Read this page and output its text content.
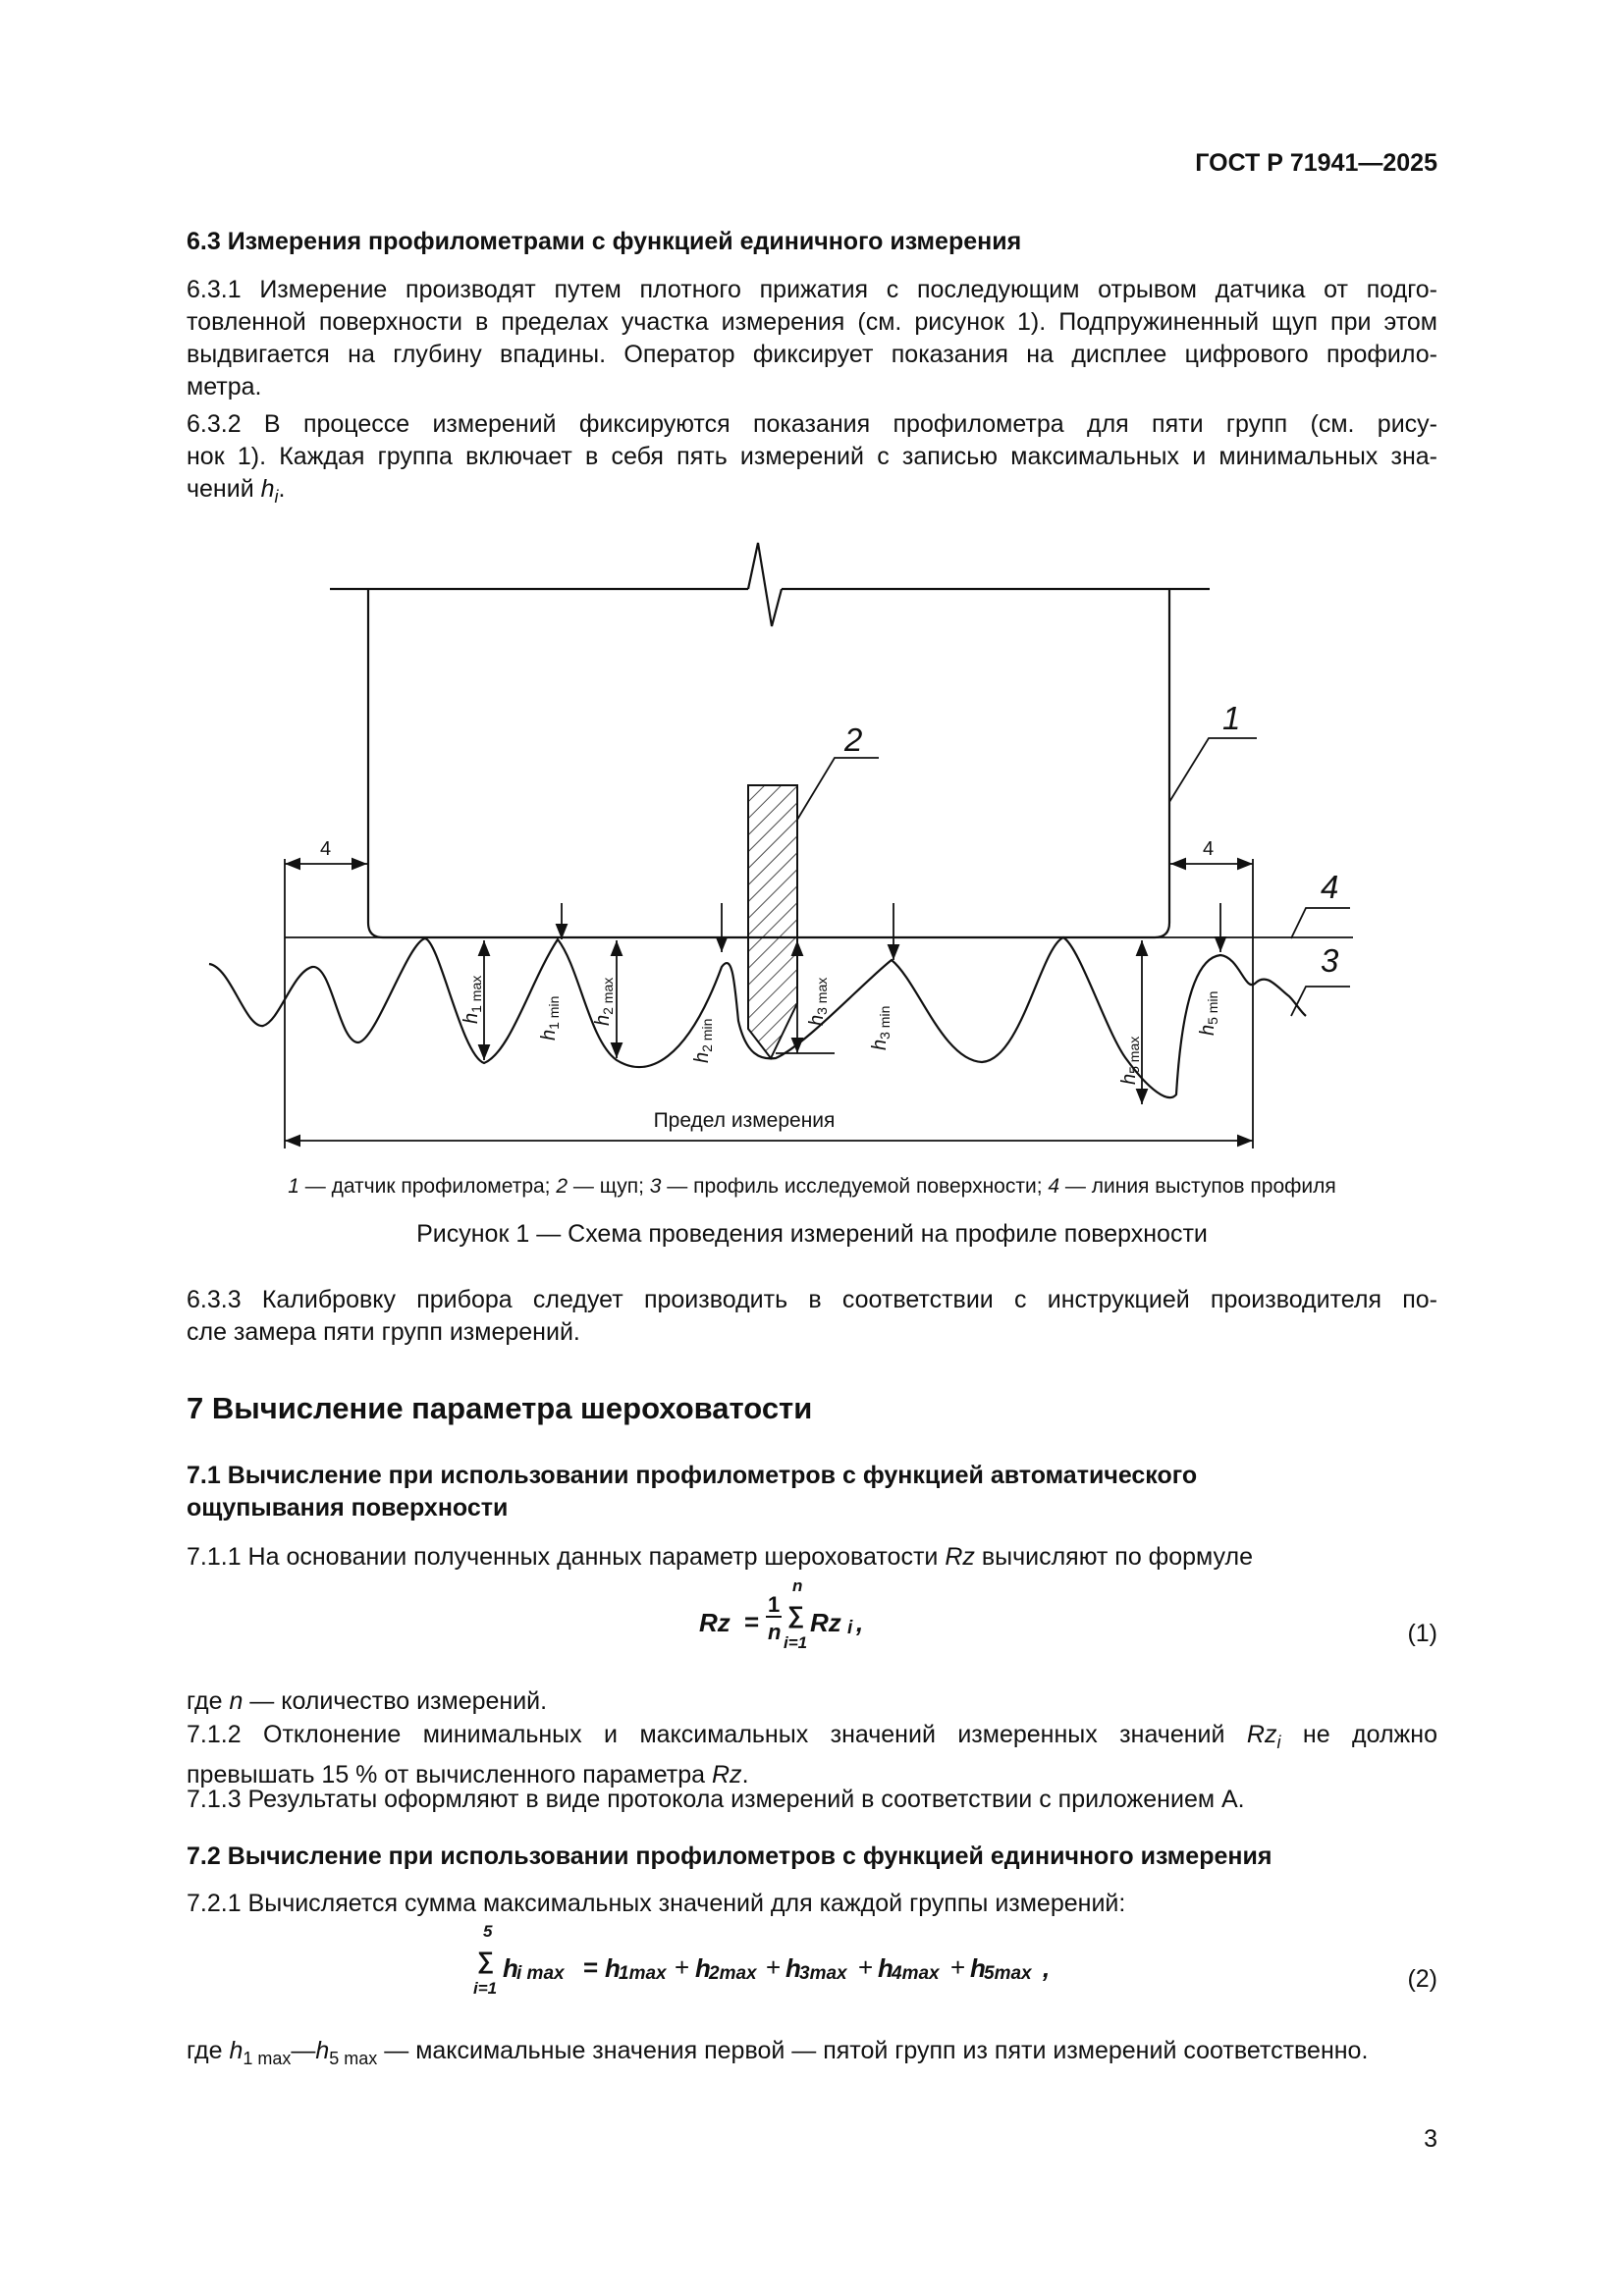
ГОСТ Р 71941—2025
6.3 Измерения профилометрами с функцией единичного измерения
6.3.1 Измерение производят путем плотного прижатия с последующим отрывом датчика от подго-
товленной поверхности в пределах участка измерения (см. рисунок 1). Подпружиненный щуп при этом
выдвигается на глубину впадины. Оператор фиксирует показания на дисплее цифрового профило-
метра.
6.3.2 В процессе измерений фиксируются показания профилометра для пяти групп (см. рису-
нок 1). Каждая группа включает в себя пять измерений с записью максимальных и минимальных зна-
чений $h_i$.
1
2
3
4
4	4
Предел измерения
$h_{1 max}$
$h_{1 min}$ $h_{2 max}$
$h_{2 min}$	$h_{3 max}$
$h_{3 min}$
$h_{5 max}$
$h_{5 min}$
1 — датчик профилометра; 2 — щуп; 3 — профиль исследуемой поверхности; 4 — линия выступов профиля
Рисунок 1 — Схема проведения измерений на профиле поверхности
6.3.3 Калибровку прибора следует производить в соответствии с инструкцией производителя по-
сле замера пяти групп измерений.
7 Вычисление параметра шероховатости
7.1 Вычисление при использовании профилометров с функцией автоматического
ощупывания поверхности
7.1.1 На основании полученных данных параметр шероховатости Rz вычисляют по формуле
Rz =
1
n
n
∑
i=1
Rz i ,	(1)
где n — количество измерений.
7.1.2 Отклонение минимальных и максимальных значений измеренных значений $Rz_i$ не должно
превышать 15 % от вычисленного параметра Rz.
7.1.3 Результаты оформляют в виде протокола измерений в соответствии с приложением А.
7.2 Вычисление при использовании профилометров с функцией единичного измерения
7.2.1 Вычисляется сумма максимальных значений для каждой группы измерений:
5
∑
i=1
h
i max = h
1max + h
2max + h
3max + h
4max + h
5max ,	(2)
где $h_{1 max}—h_{5 max}$ — максимальные значения первой — пятой групп из пяти измерений соответственно.
3
